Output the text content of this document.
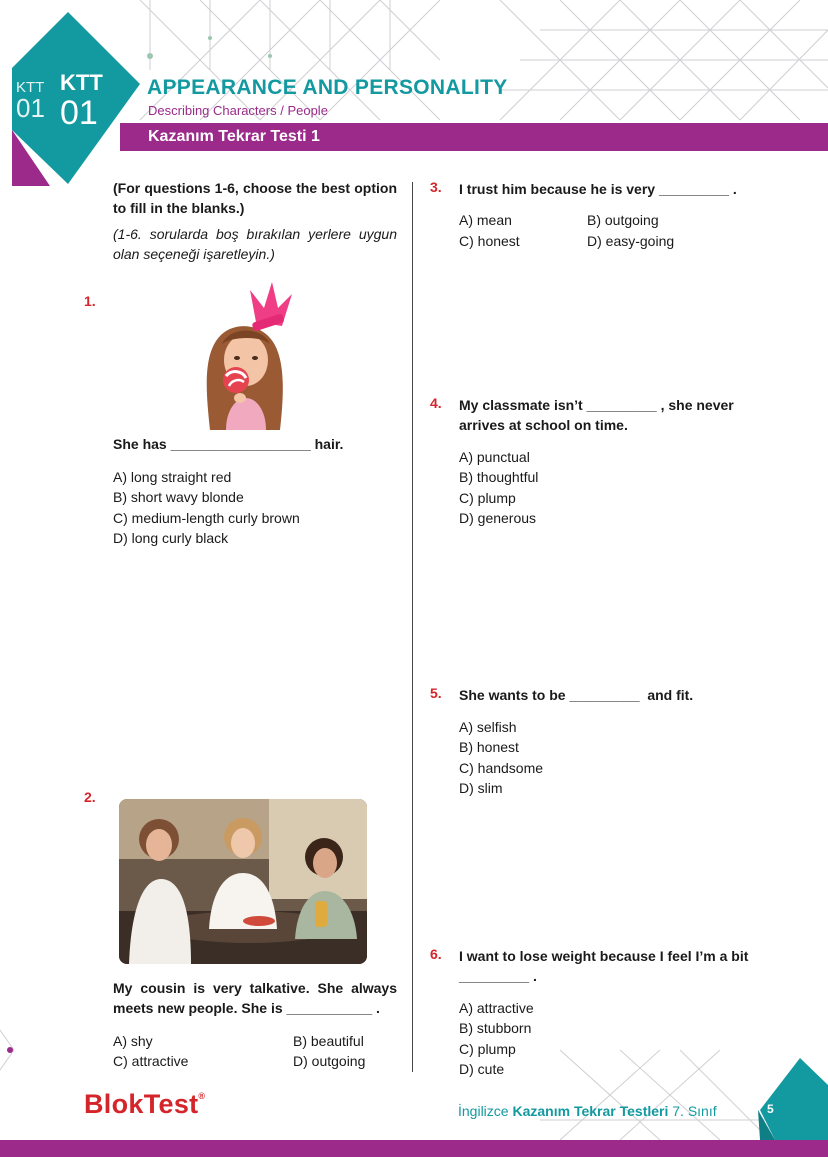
KTT
01
KTT
01
APPEARANCE AND PERSONALITY
Describing Characters / People
Kazanım Tekrar Testi 1
(For questions 1-6, choose the best option to fill in the blanks.)
(1-6. sorularda boş bırakılan yerlere uygun olan seçeneği işaretleyin.)
1.
She has __________________ hair.
A) long straight red
B) short wavy blonde
C) medium-length curly brown
D) long curly black
2.
My cousin is very talkative. She always meets new people. She is ___________ .
A) shy	B) beautiful
C) attractive	D) outgoing
3. I trust him because he is very _________ .
A) mean	B) outgoing
C) honest	D) easy-going
4. My classmate isn’t _________ , she never arrives at school on time.
A) punctual
B) thoughtful
C) plump
D) generous
5. She wants to be _________  and fit.
A) selfish
B) honest
C) handsome
D) slim
6. I want to lose weight because I feel I’m a bit _________ .
A) attractive
B) stubborn
C) plump
D) cute
BlokTest®
İngilizce Kazanım Tekrar Testleri 7. Sınıf	5
